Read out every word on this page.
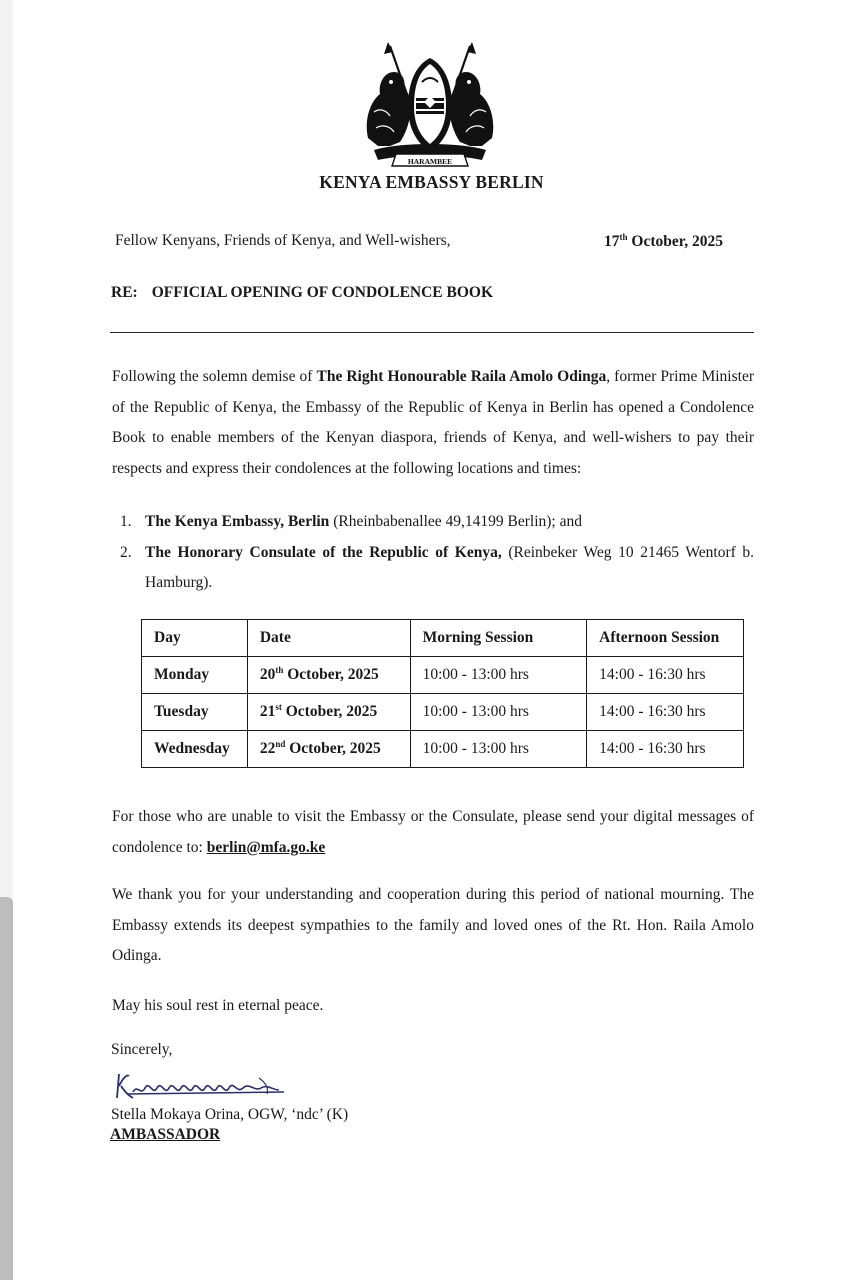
HARAMBEE
KENYA EMBASSY BERLIN
Fellow Kenyans, Friends of Kenya, and Well-wishers,	17th October, 2025
RE: OFFICIAL OPENING OF CONDOLENCE BOOK

Following the solemn demise of The Right Honourable Raila Amolo Odinga, former Prime Minister of the Republic of Kenya, the Embassy of the Republic of Kenya in Berlin has opened a Condolence Book to enable members of the Kenyan diaspora, friends of Kenya, and well-wishers to pay their respects and express their condolences at the following locations and times:

1. The Kenya Embassy, Berlin (Rheinbabenallee 49,14199 Berlin); and
2. The Honorary Consulate of the Republic of Kenya, (Reinbeker Weg 10 21465 Wentorf b. Hamburg).
Day	Date	Morning Session	Afternoon Session
Monday	20th October, 2025	10:00 - 13:00 hrs	14:00 - 16:30 hrs
Tuesday	21st October, 2025	10:00 - 13:00 hrs	14:00 - 16:30 hrs
Wednesday	22nd October, 2025	10:00 - 13:00 hrs	14:00 - 16:30 hrs

For those who are unable to visit the Embassy or the Consulate, please send your digital messages of condolence to: berlin@mfa.go.ke

We thank you for your understanding and cooperation during this period of national mourning. The Embassy extends its deepest sympathies to the family and loved ones of the Rt. Hon. Raila Amolo Odinga.

May his soul rest in eternal peace.

Sincerely,
Stella Mokaya Orina, OGW, ‘ndc’ (K)
AMBASSADOR
